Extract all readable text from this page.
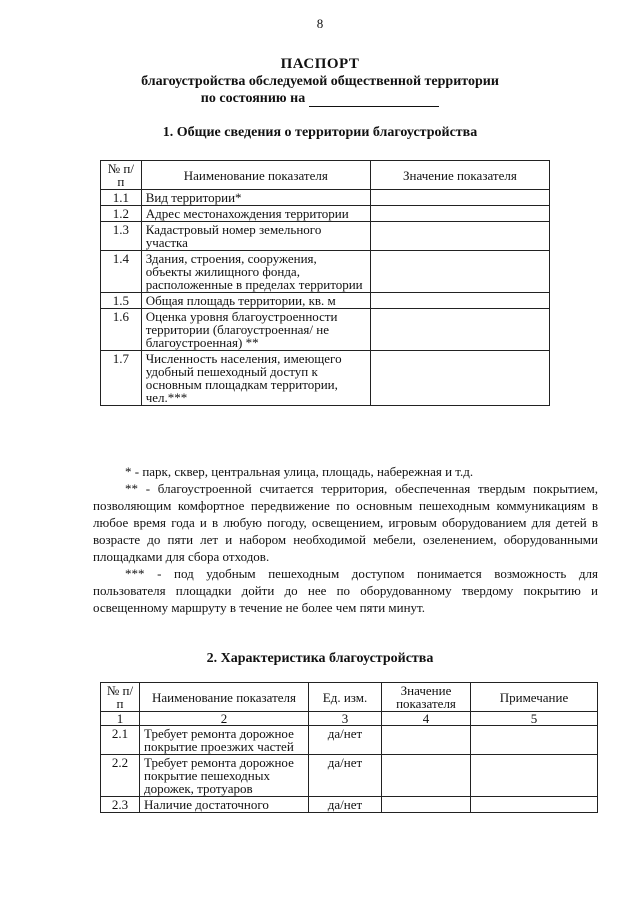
8
ПАСПОРТ
благоустройства обследуемой общественной территории
по состоянию на
1. Общие сведения о территории благоустройства
№ п/п	Наименование показателя	Значение показателя
1.1	Вид территории*	
1.2	Адрес местонахождения территории	
1.3	Кадастровый номер земельного участка	
1.4	Здания, строения, сооружения, объекты жилищного фонда, расположенные в пределах территории	
1.5	Общая площадь территории, кв. м	
1.6	Оценка уровня благоустроенности территории (благоустроенная/ не благоустроенная) **	
1.7	Численность населения, имеющего удобный пешеходный доступ к основным площадкам территории, чел.***	

* - парк, сквер, центральная улица, площадь, набережная и т.д.

** - благоустроенной считается территория, обеспеченная твердым покрытием, позволяющим комфортное передвижение по основным пешеходным коммуникациям в любое время года и в любую погоду, освещением, игровым оборудованием для детей в возрасте до пяти лет и набором необходимой мебели, озеленением, оборудованными площадками для сбора отходов.

*** - под удобным пешеходным доступом понимается возможность для пользователя площадки дойти до нее по оборудованному твердому покрытию и освещенному маршруту в течение не более чем пяти минут.

2. Характеристика благоустройства
№ п/п	Наименование показателя	Ед. изм.	Значение показателя	Примечание
1	2	3	4	5
2.1	Требует ремонта дорожное покрытие проезжих частей	да/нет		
2.2	Требует ремонта дорожное покрытие пешеходных дорожек, тротуаров	да/нет		
2.3	Наличие достаточного	да/нет		
